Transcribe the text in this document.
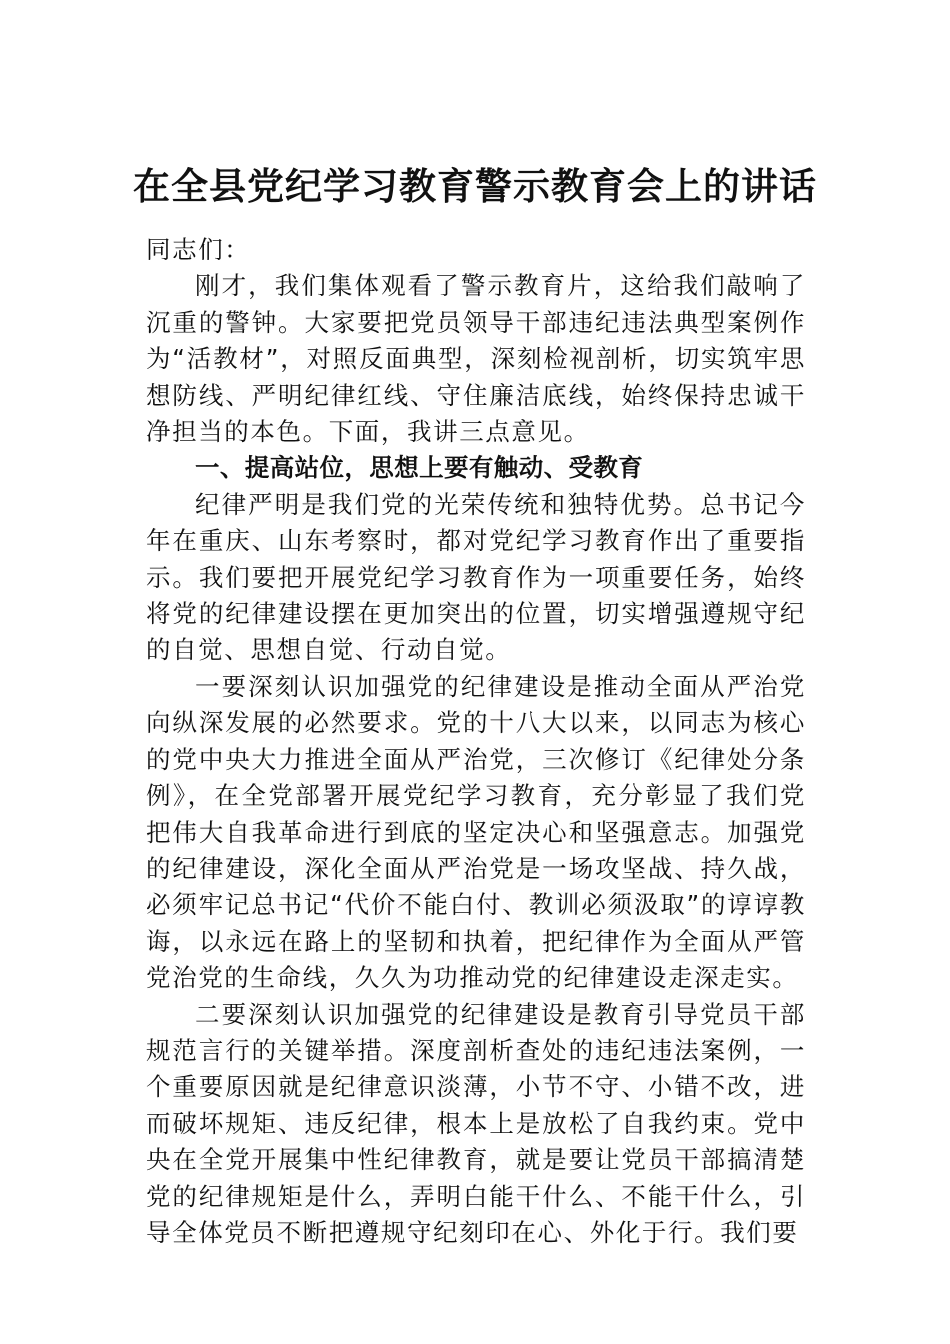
在全县党纪学习教育警示教育会上的讲话

同志们：

刚才，我们集体观看了警示教育片，这给我们敲响了沉重的警钟。大家要把党员领导干部违纪违法典型案例作为“活教材”，对照反面典型，深刻检视剖析，切实筑牢思想防线、严明纪律红线、守住廉洁底线，始终保持忠诚干净担当的本色。下面，我讲三点意见。

一、提高站位，思想上要有触动、受教育

纪律严明是我们党的光荣传统和独特优势。总书记今年在重庆、山东考察时，都对党纪学习教育作出了重要指示。我们要把开展党纪学习教育作为一项重要任务，始终将党的纪律建设摆在更加突出的位置，切实增强遵规守纪的自觉、思想自觉、行动自觉。

一要深刻认识加强党的纪律建设是推动全面从严治党向纵深发展的必然要求。党的十八大以来，以同志为核心的党中央大力推进全面从严治党，三次修订《纪律处分条例》，在全党部署开展党纪学习教育，充分彰显了我们党把伟大自我革命进行到底的坚定决心和坚强意志。加强党的纪律建设，深化全面从严治党是一场攻坚战、持久战，必须牢记总书记“代价不能白付、教训必须汲取”的谆谆教诲，以永远在路上的坚韧和执着，把纪律作为全面从严管党治党的生命线，久久为功推动党的纪律建设走深走实。

二要深刻认识加强党的纪律建设是教育引导党员干部规范言行的关键举措。深度剖析查处的违纪违法案例，一个重要原因就是纪律意识淡薄，小节不守、小错不改，进而破坏规矩、违反纪律，根本上是放松了自我约束。党中央在全党开展集中性纪律教育，就是要让党员干部搞清楚党的纪律规矩是什么，弄明白能干什么、不能干什么，引导全体党员不断把遵规守纪刻印在心、外化于行。我们要
